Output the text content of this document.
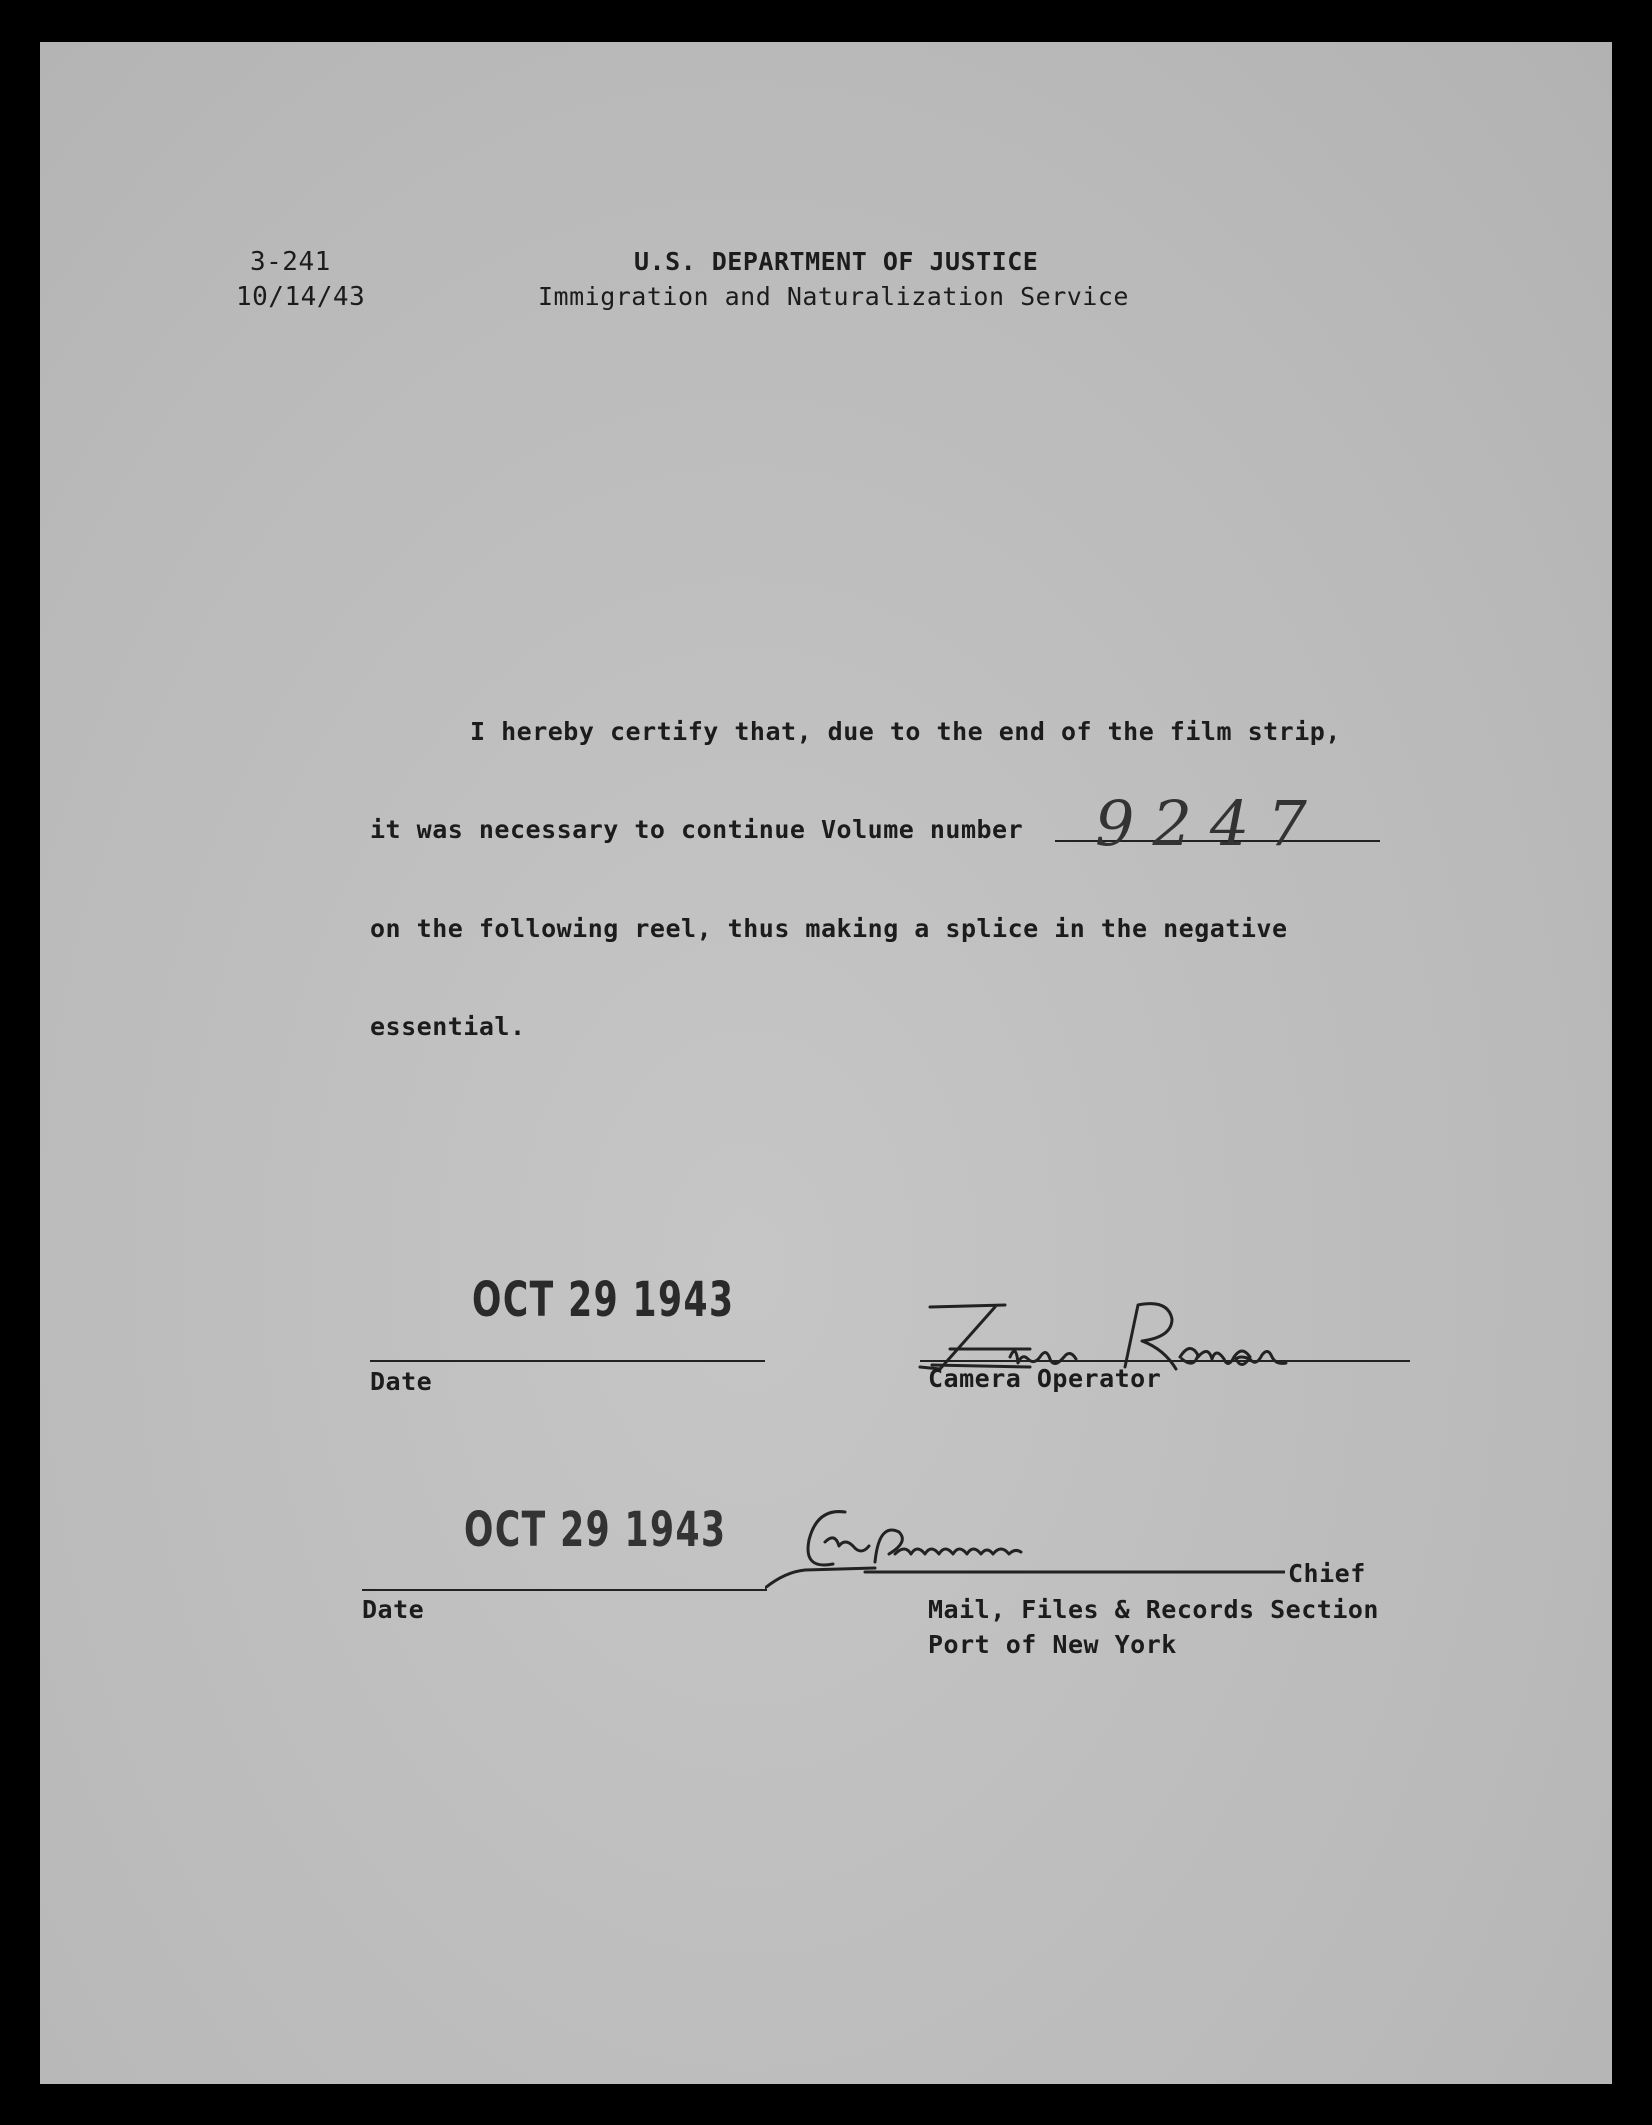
3-241
10/14/43
U.S. DEPARTMENT OF JUSTICE
Immigration and Naturalization Service
I hereby certify that, due to the end of the film strip,
it was necessary to continue Volume number 9247
on the following reel, thus making a splice in the negative
essential.
OCT 29 1943
Date	Camera Operator
OCT 29 1943
Date
Chief
Mail, Files & Records Section
Port of New York
